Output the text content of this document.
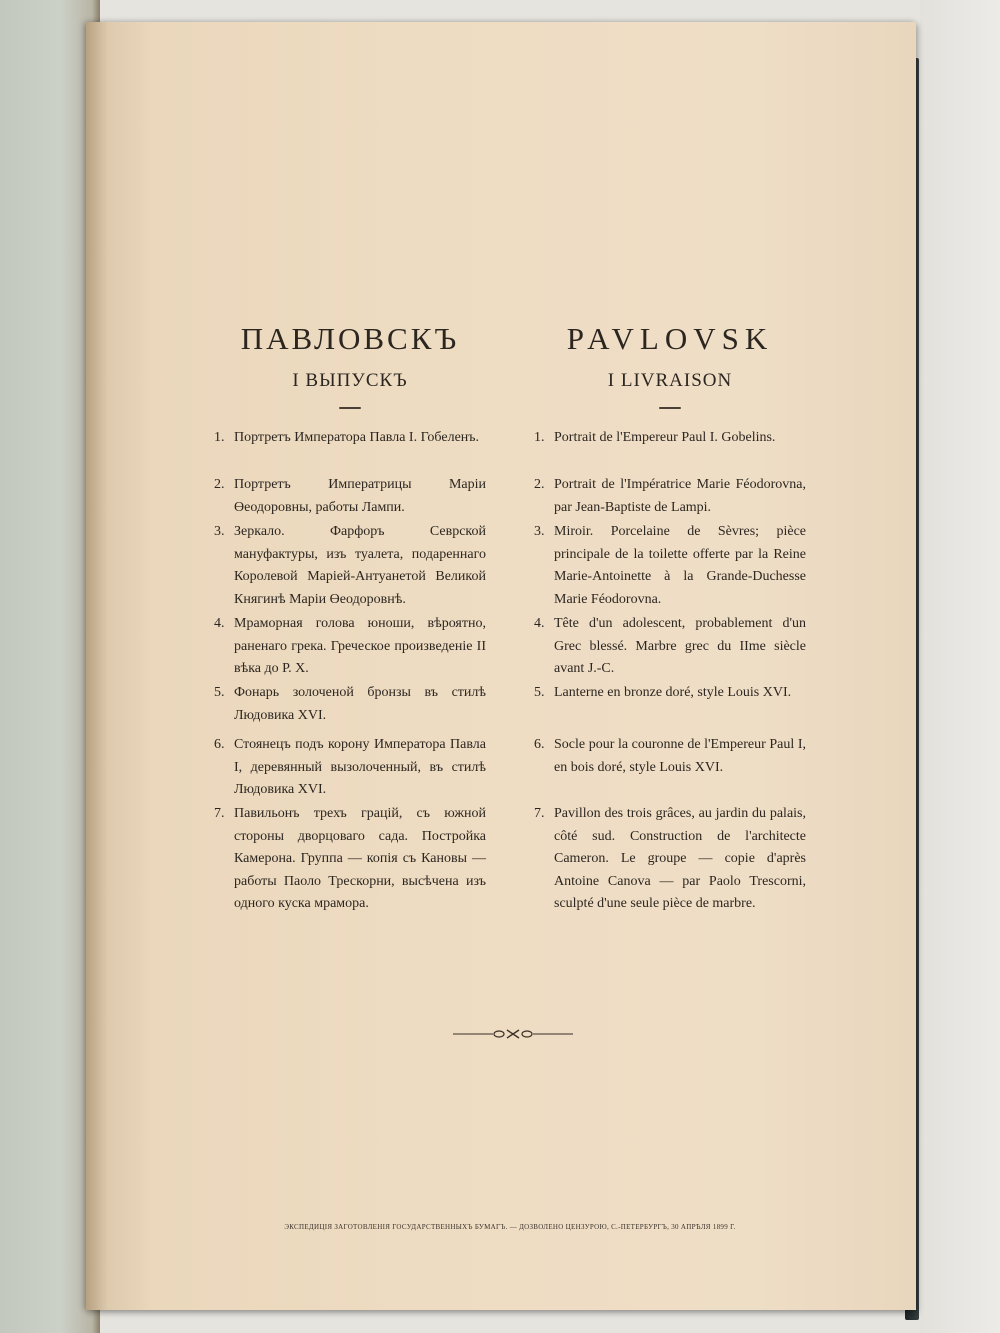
ПАВЛОВСКЪ
I ВЫПУСКЪ
1. Портретъ Императора Павла I. Гобеленъ.
2. Портретъ Императрицы Маріи Өеодоровны, работы Лампи.
3. Зеркало. Фарфоръ Севрской мануфактуры, изъ туалета, подареннаго Королевой Маріей-Антуанетой Великой Княгинѣ Маріи Өеодоровнѣ.
4. Мраморная голова юноши, вѣроятно, раненаго грека. Греческое произведеніе II вѣка до Р. Х.
5. Фонарь золоченой бронзы въ стилѣ Людовика XVI.
6. Стоянецъ подъ корону Императора Павла I, деревянный вызолоченный, въ стилѣ Людовика XVI.
7. Павильонъ трехъ грацій, съ южной стороны дворцоваго сада. Постройка Камерона. Группа — копія съ Кановы — работы Паоло Трескорни, высѣчена изъ одного куска мрамора.
PAVLOVSK
I LIVRAISON
1. Portrait de l'Empereur Paul I. Gobelins.
2. Portrait de l'Impératrice Marie Féodorovna, par Jean-Baptiste de Lampi.
3. Miroir. Porcelaine de Sèvres; pièce principale de la toilette offerte par la Reine Marie-Antoinette à la Grande-Duchesse Marie Féodorovna.
4. Tête d'un adolescent, probablement d'un Grec blessé. Marbre grec du IIme siècle avant J.-C.
5. Lanterne en bronze doré, style Louis XVI.
6. Socle pour la couronne de l'Empereur Paul I, en bois doré, style Louis XVI.
7. Pavillon des trois grâces, au jardin du palais, côté sud. Construction de l'architecte Cameron. Le groupe — copie d'après Antoine Canova — par Paolo Trescorni, sculpté d'une seule pièce de marbre.
ЭКСПЕДИЦІЯ ЗАГОТОВЛЕНІЯ ГОСУДАРСТВЕННЫХЪ БУМАГЪ. — ДОЗВОЛЕНО ЦЕНЗУРОЮ, С.-ПЕТЕРБУРГЪ, 30 АПРѢЛЯ 1899 Г.
